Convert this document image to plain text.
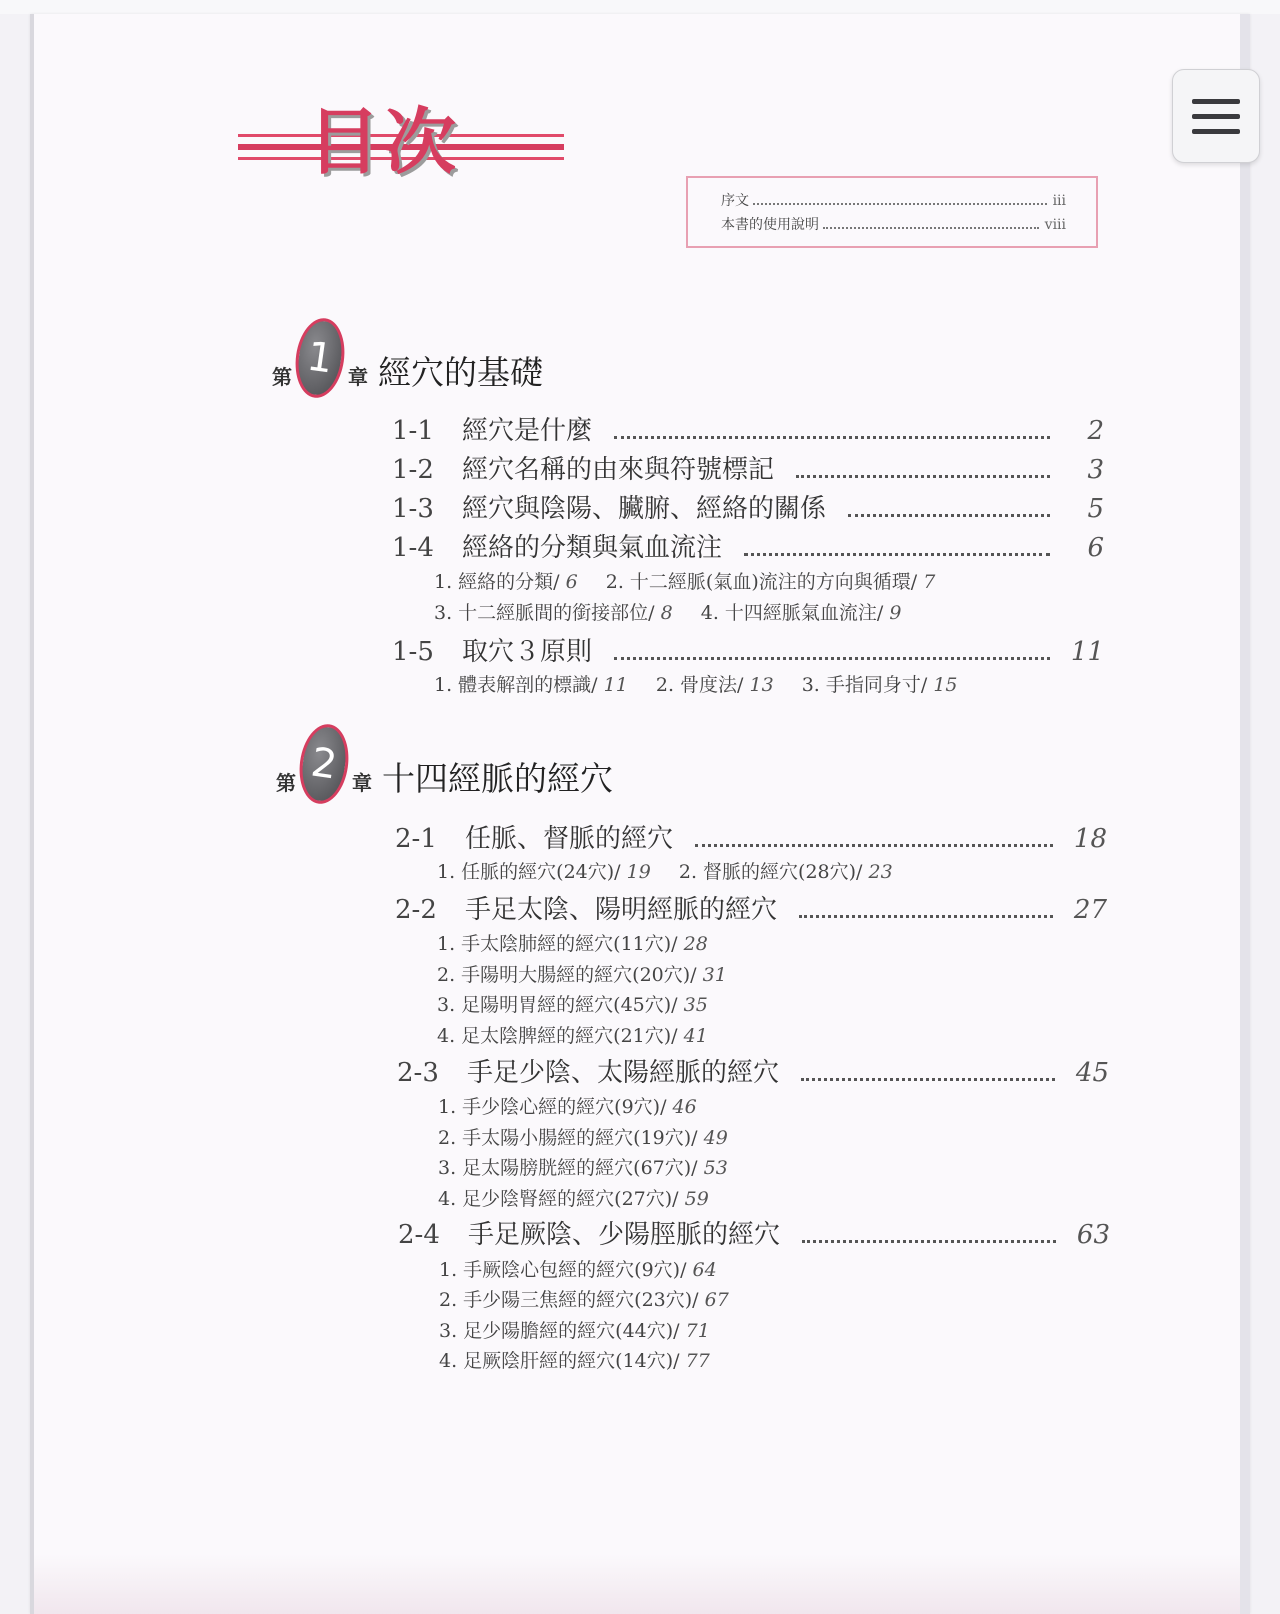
目次
序文	iii
本書的使用說明	viii
第 1 章 經穴的基礎
1-1	經穴是什麼	2
1-2	經穴名稱的由來與符號標記	3
1-3	經穴與陰陽、臟腑、經絡的關係	5
1-4	經絡的分類與氣血流注	6
1. 經絡的分類/ 6 2. 十二經脈(氣血)流注的方向與循環/ 7
3. 十二經脈間的銜接部位/ 8 4. 十四經脈氣血流注/ 9
1-5	取穴３原則	11
1. 體表解剖的標識/ 11 2. 骨度法/ 13 3. 手指同身寸/ 15
第 2 章 十四經脈的經穴
2-1	任脈、督脈的經穴	18
1. 任脈的經穴(24穴)/ 19 2. 督脈的經穴(28穴)/ 23
2-2	手足太陰、陽明經脈的經穴	27
1. 手太陰肺經的經穴(11穴)/ 28
2. 手陽明大腸經的經穴(20穴)/ 31
3. 足陽明胃經的經穴(45穴)/ 35
4. 足太陰脾經的經穴(21穴)/ 41
2-3	手足少陰、太陽經脈的經穴	45
1. 手少陰心經的經穴(9穴)/ 46
2. 手太陽小腸經的經穴(19穴)/ 49
3. 足太陽膀胱經的經穴(67穴)/ 53
4. 足少陰腎經的經穴(27穴)/ 59
2-4	手足厥陰、少陽脛脈的經穴	63
1. 手厥陰心包經的經穴(9穴)/ 64
2. 手少陽三焦經的經穴(23穴)/ 67
3. 足少陽膽經的經穴(44穴)/ 71
4. 足厥陰肝經的經穴(14穴)/ 77
